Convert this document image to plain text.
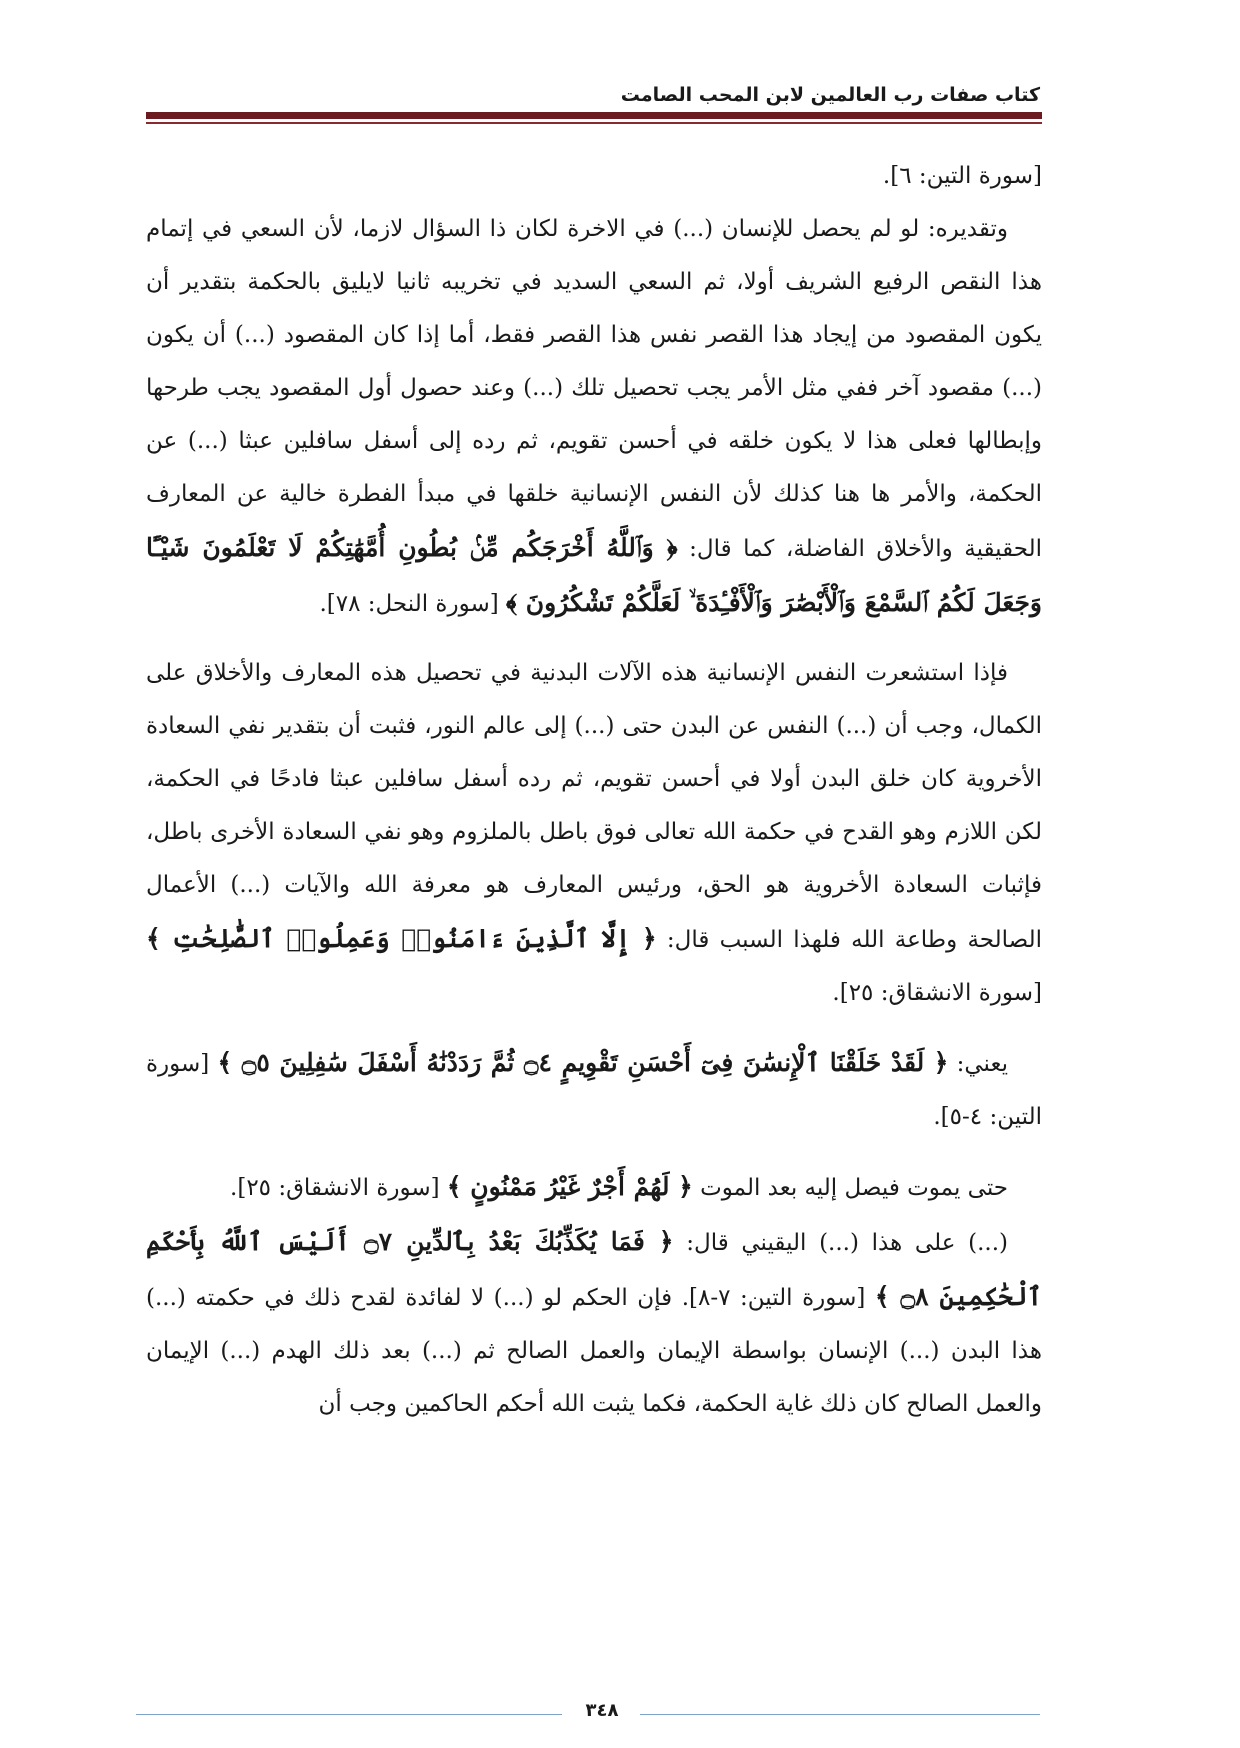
كتاب صفات رب العالمين لابن المحب الصامت

[سورة التين: ٦].

وتقديره: لو لم يحصل للإنسان (...) في الاخرة لكان ذا السؤال لازما، لأن السعي في إتمام هذا النقص الرفيع الشريف أولا، ثم السعي السديد في تخريبه ثانيا لايليق بالحكمة بتقدير أن يكون المقصود من إيجاد هذا القصر نفس هذا القصر فقط، أما إذا كان المقصود (...) أن يكون (...) مقصود آخر ففي مثل الأمر يجب تحصيل تلك (...) وعند حصول أول المقصود يجب طرحها وإبطالها فعلى هذا لا يكون خلقه في أحسن تقويم، ثم رده إلى أسفل سافلين عبثا (...) عن الحكمة، والأمر ها هنا كذلك لأن النفس الإنسانية خلقها في مبدأ الفطرة خالية عن المعارف الحقيقية والأخلاق الفاضلة، كما قال: ﴿ وَٱللَّهُ أَخْرَجَكُم مِّنۢ بُطُونِ أُمَّهَٰتِكُمْ لَا تَعْلَمُونَ شَيْـًٔا وَجَعَلَ لَكُمُ ٱلسَّمْعَ وَٱلْأَبْصَٰرَ وَٱلْأَفْـِٔدَةَ ۙ لَعَلَّكُمْ تَشْكُرُونَ ﴾ [سورة النحل: ٧٨].

فإذا استشعرت النفس الإنسانية هذه الآلات البدنية في تحصيل هذه المعارف والأخلاق على الكمال، وجب أن (...) النفس عن البدن حتى (...) إلى عالم النور، فثبت أن بتقدير نفي السعادة الأخروية كان خلق البدن أولا في أحسن تقويم، ثم رده أسفل سافلين عبثا فادحًا في الحكمة، لكن اللازم وهو القدح في حكمة الله تعالى فوق باطل بالملزوم وهو نفي السعادة الأخرى باطل، فإثبات السعادة الأخروية هو الحق، ورئيس المعارف هو معرفة الله والآيات (...) الأعمال الصالحة وطاعة الله فلهذا السبب قال: ﴿ إِلَّا ٱلَّذِينَ ءَامَنُوا۟ وَعَمِلُوا۟ ٱلصَّٰلِحَٰتِ ﴾ [سورة الانشقاق: ٢٥].

يعني: ﴿ لَقَدْ خَلَقْنَا ٱلْإِنسَٰنَ فِىٓ أَحْسَنِ تَقْوِيمٍ ۝٤ ثُمَّ رَدَدْنَٰهُ أَسْفَلَ سَٰفِلِينَ ۝٥ ﴾ [سورة التين: ٤-٥].

حتى يموت فيصل إليه بعد الموت ﴿ لَهُمْ أَجْرٌ غَيْرُ مَمْنُونٍ ﴾ [سورة الانشقاق: ٢٥].

(...) على هذا (...) اليقيني قال: ﴿ فَمَا يُكَذِّبُكَ بَعْدُ بِٱلدِّينِ ۝٧ أَلَيْسَ ٱللَّهُ بِأَحْكَمِ ٱلْحَٰكِمِينَ ۝٨ ﴾ [سورة التين: ٧-٨]. فإن الحكم لو (...) لا لفائدة لقدح ذلك في حكمته (...) هذا البدن (...) الإنسان بواسطة الإيمان والعمل الصالح ثم (...) بعد ذلك الهدم (...) الإيمان والعمل الصالح كان ذلك غاية الحكمة، فكما يثبت الله أحكم الحاكمين وجب أن

٣٤٨
